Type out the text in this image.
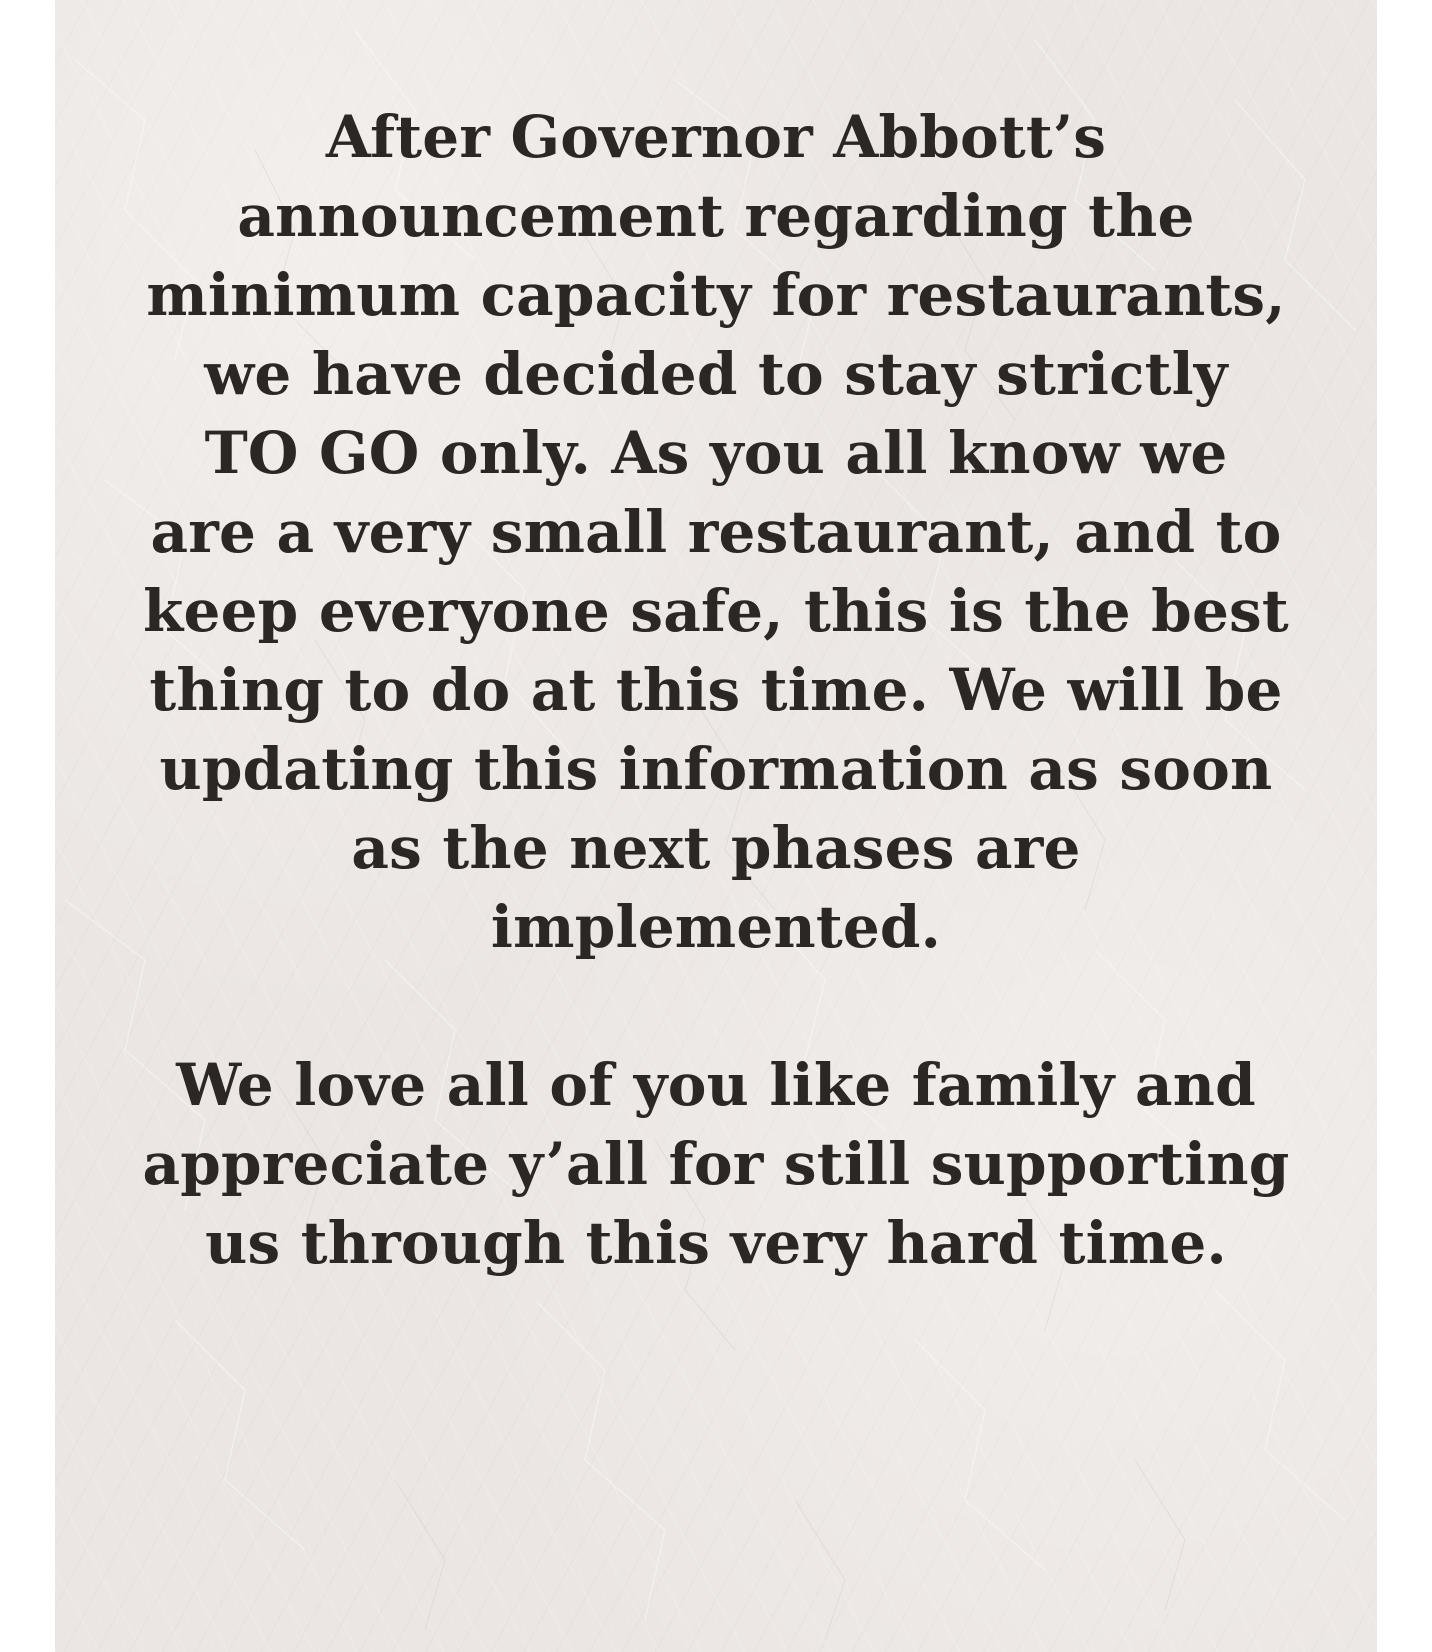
After Governor Abbott’s
announcement regarding the
minimum capacity for restaurants,
we have decided to stay strictly
TO GO only. As you all know we
are a very small restaurant, and to
keep everyone safe, this is the best
thing to do at this time. We will be
updating this information as soon
as the next phases are
implemented.
We love all of you like family and
appreciate y’all for still supporting
us through this very hard time.
